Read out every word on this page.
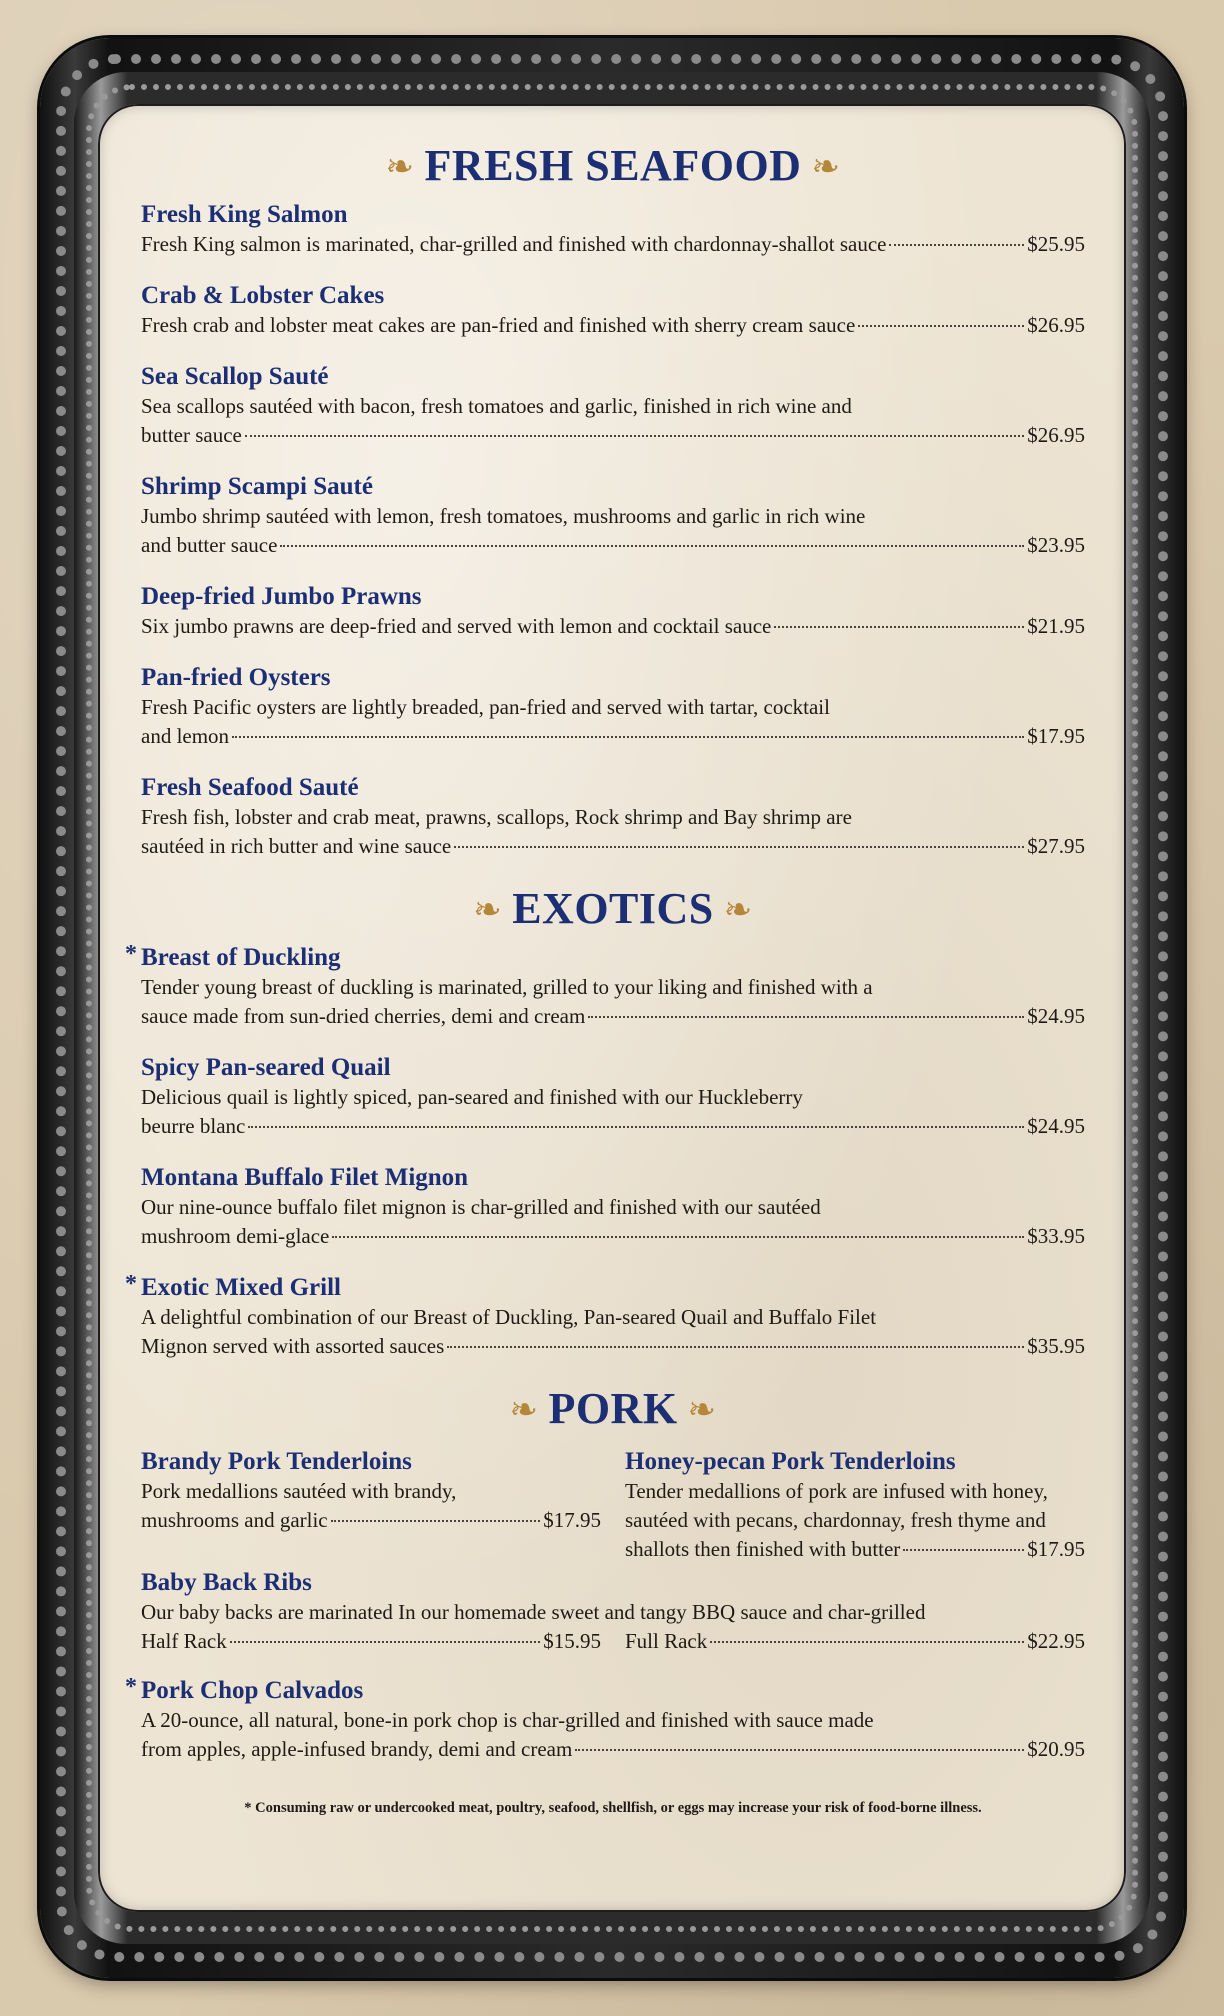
❧ FRESH SEAFOOD ❧
Fresh King Salmon
Fresh King salmon is marinated, char-grilled and finished with chardonnay-shallot sauce	$25.95
Crab & Lobster Cakes
Fresh crab and lobster meat cakes are pan-fried and finished with sherry cream sauce	$26.95
Sea Scallop Sauté
Sea scallops sautéed with bacon, fresh tomatoes and garlic, finished in rich wine and
butter sauce	$26.95
Shrimp Scampi Sauté
Jumbo shrimp sautéed with lemon, fresh tomatoes, mushrooms and garlic in rich wine
and butter sauce	$23.95
Deep-fried Jumbo Prawns
Six jumbo prawns are deep-fried and served with lemon and cocktail sauce	$21.95
Pan-fried Oysters
Fresh Pacific oysters are lightly breaded, pan-fried and served with tartar, cocktail
and lemon	$17.95
Fresh Seafood Sauté
Fresh fish, lobster and crab meat, prawns, scallops, Rock shrimp and Bay shrimp are
sautéed in rich butter and wine sauce	$27.95
❧ EXOTICS ❧
* Breast of Duckling
Tender young breast of duckling is marinated, grilled to your liking and finished with a
sauce made from sun-dried cherries, demi and cream	$24.95
Spicy Pan-seared Quail
Delicious quail is lightly spiced, pan-seared and finished with our Huckleberry
beurre blanc	$24.95
Montana Buffalo Filet Mignon
Our nine-ounce buffalo filet mignon is char-grilled and finished with our sautéed
mushroom demi-glace	$33.95
* Exotic Mixed Grill
A delightful combination of our Breast of Duckling, Pan-seared Quail and Buffalo Filet
Mignon served with assorted sauces	$35.95
❧ PORK ❧
Brandy Pork Tenderloins
Pork medallions sautéed with brandy,
mushrooms and garlic	$17.95
Honey-pecan Pork Tenderloins
Tender medallions of pork are infused with honey,
sautéed with pecans, chardonnay, fresh thyme and
shallots then finished with butter	$17.95
Baby Back Ribs
Our baby backs are marinated In our homemade sweet and tangy BBQ sauce and char-grilled
Half Rack	$15.95 Full Rack	$22.95
* Pork Chop Calvados
A 20-ounce, all natural, bone-in pork chop is char-grilled and finished with sauce made
from apples, apple-infused brandy, demi and cream	$20.95
* Consuming raw or undercooked meat, poultry, seafood, shellfish, or eggs may increase your risk of food-borne illness.
